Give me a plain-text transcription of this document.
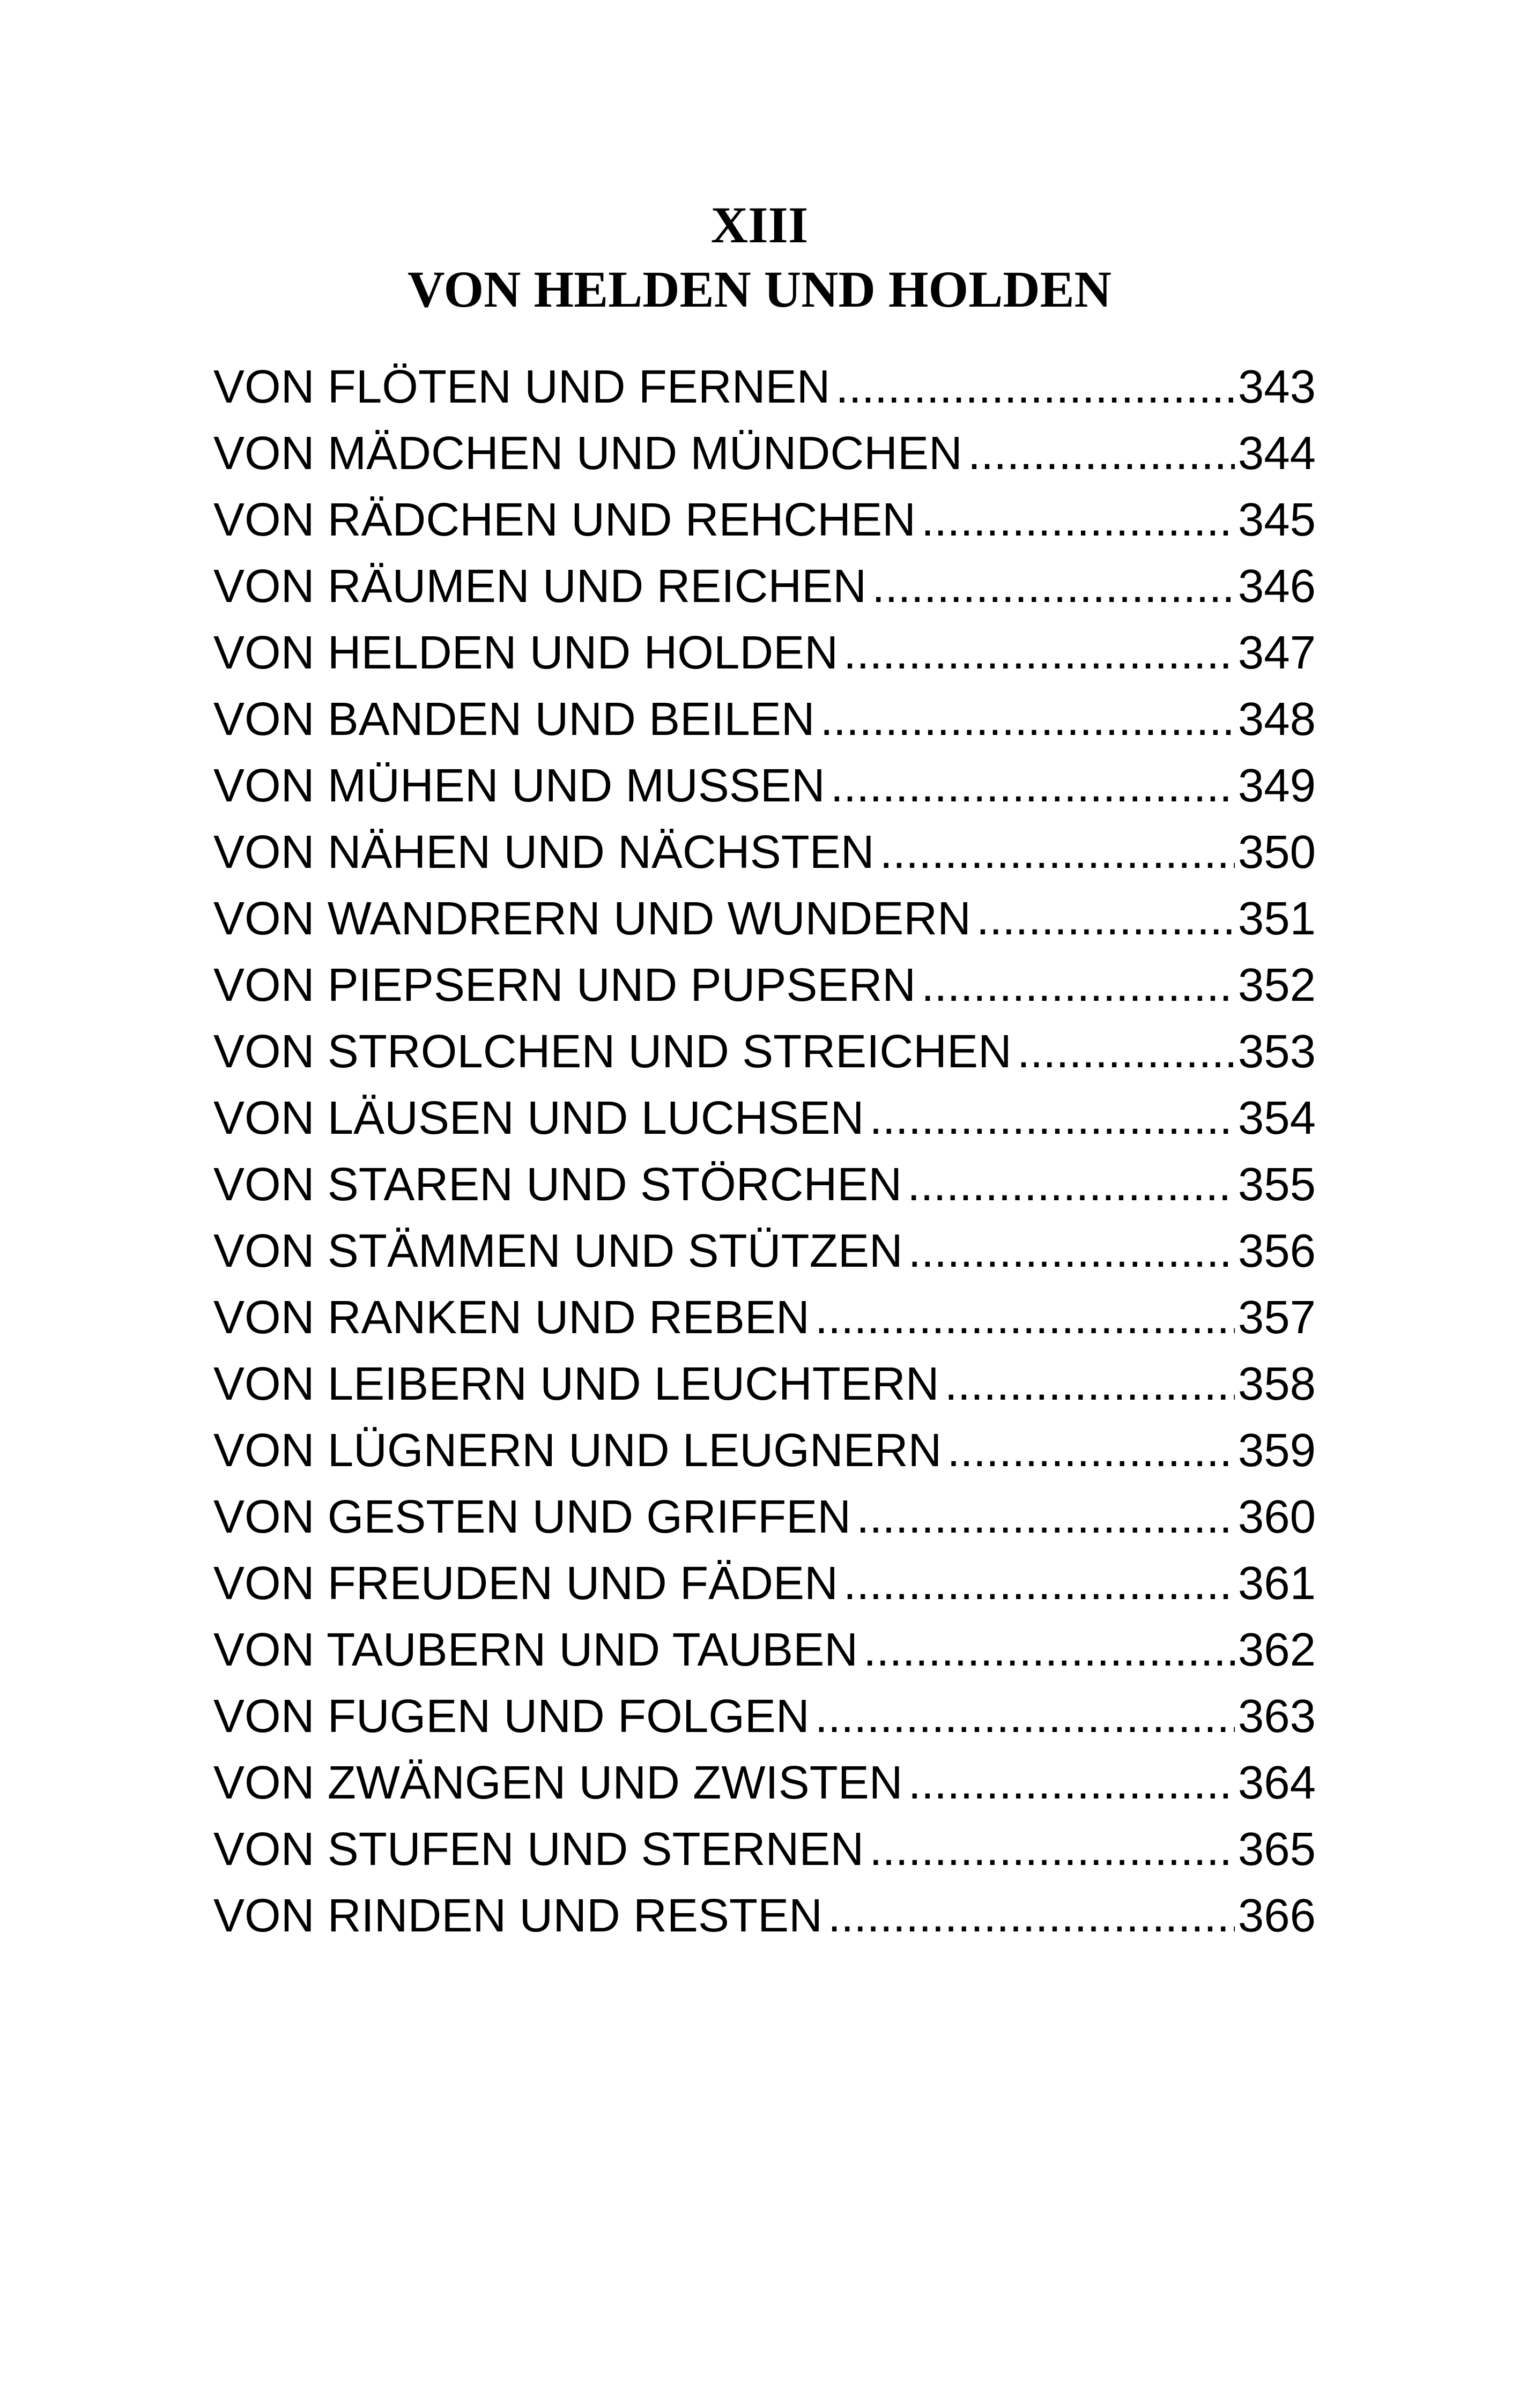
XIII
VON HELDEN UND HOLDEN
VON FLÖTEN UND FERNEN .....	343
VON MÄDCHEN UND MÜNDCHEN .....	344
VON RÄDCHEN UND REHCHEN .....	345
VON RÄUMEN UND REICHEN .....	346
VON HELDEN UND HOLDEN .....	347
VON BANDEN UND BEILEN .....	348
VON MÜHEN UND MUSSEN .....	349
VON NÄHEN UND NÄCHSTEN .....	350
VON WANDRERN UND WUNDERN .....	351
VON PIEPSERN UND PUPSERN .....	352
VON STROLCHEN UND STREICHEN .....	353
VON LÄUSEN UND LUCHSEN .....	354
VON STAREN UND STÖRCHEN .....	355
VON STÄMMEN UND STÜTZEN .....	356
VON RANKEN UND REBEN .....	357
VON LEIBERN UND LEUCHTERN .....	358
VON LÜGNERN UND LEUGNERN .....	359
VON GESTEN UND GRIFFEN .....	360
VON FREUDEN UND FÄDEN .....	361
VON TAUBERN UND TAUBEN .....	362
VON FUGEN UND FOLGEN .....	363
VON ZWÄNGEN UND ZWISTEN .....	364
VON STUFEN UND STERNEN .....	365
VON RINDEN UND RESTEN .....	366
